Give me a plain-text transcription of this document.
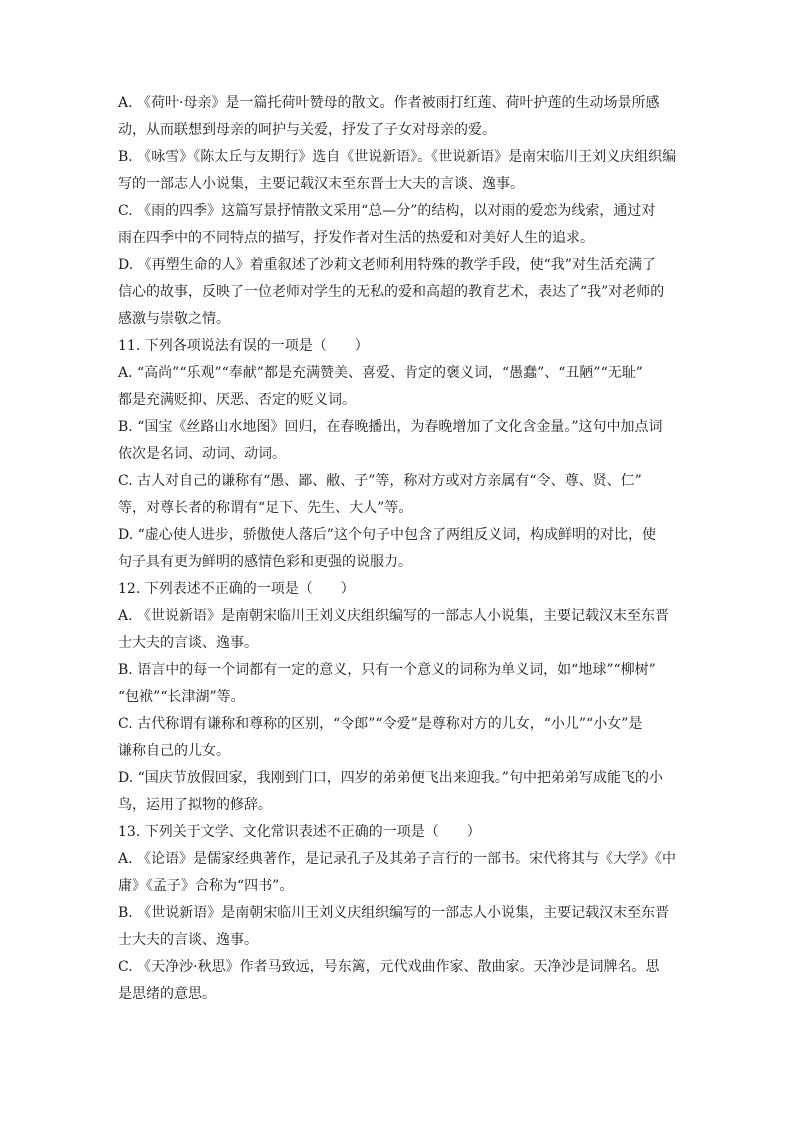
A. 《荷叶·母亲》是一篇托荷叶赞母的散文。作者被雨打红莲、荷叶护莲的生动场景所感
动，从而联想到母亲的呵护与关爱，抒发了子女对母亲的爱。
B. 《咏雪》《陈太丘与友期行》选自《世说新语》。《世说新语》是南宋临川王刘义庆组织编
写的一部志人小说集，主要记载汉末至东晋士大夫的言谈、逸事。
C. 《雨的四季》这篇写景抒情散文采用“总—分”的结构，以对雨的爱恋为线索，通过对
雨在四季中的不同特点的描写，抒发作者对生活的热爱和对美好人生的追求。
D. 《再塑生命的人》着重叙述了沙莉文老师利用特殊的教学手段，使“我”对生活充满了
信心的故事，反映了一位老师对学生的无私的爱和高超的教育艺术，表达了“我”对老师的
感激与崇敬之情。
11. 下列各项说法有误的一项是（　　）
A. “高尚”“乐观”“奉献”都是充满赞美、喜爱、肯定的褒义词，“愚蠢”、“丑陋”“无耻”
都是充满贬抑、厌恶、否定的贬义词。
B. “国宝《丝路山水地图》回归，在春晚播出，为春晚增加了文化含金量。”这句中加点词
依次是名词、动词、动词。
C. 古人对自己的谦称有“愚、鄙、敝、子”等，称对方或对方亲属有“令、尊、贤、仁”
等，对尊长者的称谓有“足下、先生、大人”等。
D. “虚心使人进步，骄傲使人落后”这个句子中包含了两组反义词，构成鲜明的对比，使
句子具有更为鲜明的感情色彩和更强的说服力。
12. 下列表述不正确的一项是（　　）
A. 《世说新语》是南朝宋临川王刘义庆组织编写的一部志人小说集，主要记载汉末至东晋
士大夫的言谈、逸事。
B. 语言中的每一个词都有一定的意义，只有一个意义的词称为单义词，如“地球”“柳树”
“包袱”“长津湖”等。
C. 古代称谓有谦称和尊称的区别，“令郎”“令爱”是尊称对方的儿女，“小儿”“小女”是
谦称自己的儿女。
D. “国庆节放假回家，我刚到门口，四岁的弟弟便飞出来迎我。”句中把弟弟写成能飞的小
鸟，运用了拟物的修辞。
13. 下列关于文学、文化常识表述不正确的一项是（　　）
A. 《论语》是儒家经典著作，是记录孔子及其弟子言行的一部书。宋代将其与《大学》《中
庸》《孟子》合称为“四书”。
B. 《世说新语》是南朝宋临川王刘义庆组织编写的一部志人小说集，主要记载汉末至东晋
士大夫的言谈、逸事。
C. 《天净沙·秋思》作者马致远，号东篱，元代戏曲作家、散曲家。天净沙是词牌名。思
是思绪的意思。
